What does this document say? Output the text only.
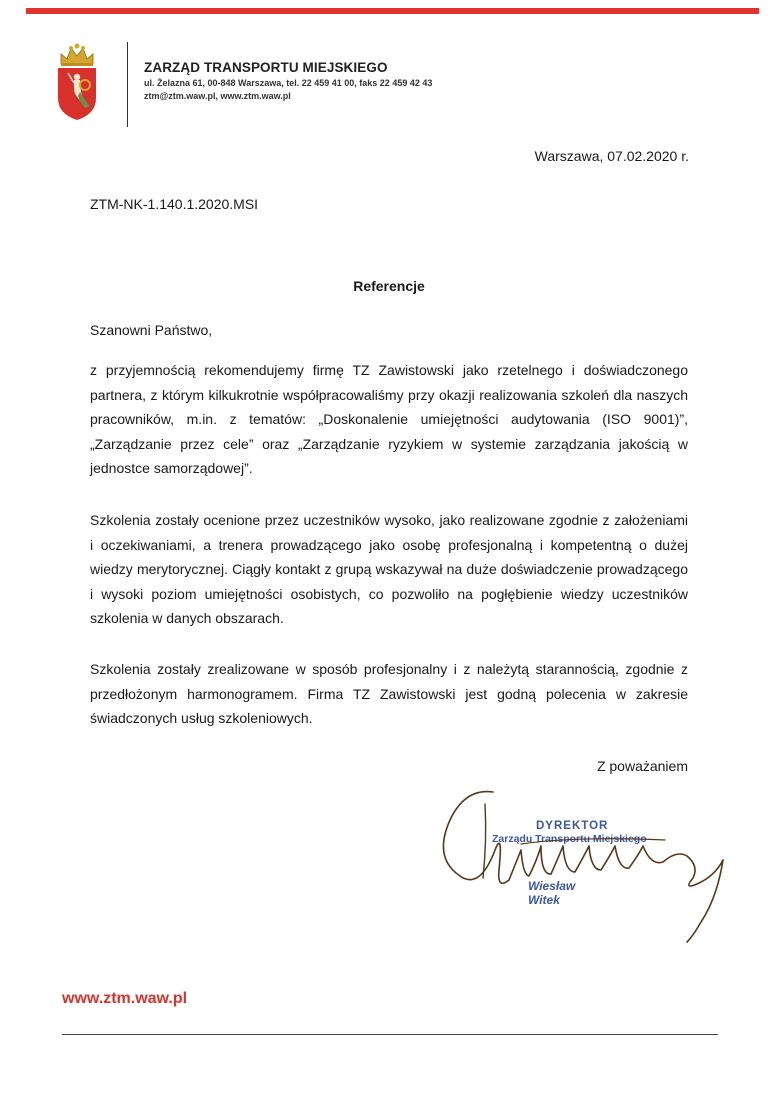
ZARZĄD TRANSPORTU MIEJSKIEGO
ul. Żelazna 61, 00-848 Warszawa, tel. 22 459 41 00, faks 22 459 42 43
ztm@ztm.waw.pl, www.ztm.waw.pl
Warszawa, 07.02.2020 r.
ZTM-NK-1.140.1.2020.MSI
Referencje
Szanowni Państwo,
z przyjemnością rekomendujemy firmę TZ Zawistowski jako rzetelnego i doświadczonego partnera, z którym kilkukrotnie współpracowaliśmy przy okazji realizowania szkoleń dla naszych pracowników, m.in. z tematów: „Doskonalenie umiejętności audytowania (ISO 9001)”, „Zarządzanie przez cele” oraz „Zarządzanie ryzykiem w systemie zarządzania jakością w jednostce samorządowej”.
Szkolenia zostały ocenione przez uczestników wysoko, jako realizowane zgodnie z założeniami i oczekiwaniami, a trenera prowadzącego jako osobę profesjonalną i kompetentną o dużej wiedzy merytorycznej. Ciągły kontakt z grupą wskazywał na duże doświadczenie prowadzącego i wysoki poziom umiejętności osobistych, co pozwoliło na pogłębienie wiedzy uczestników szkolenia w danych obszarach.
Szkolenia zostały zrealizowane w sposób profesjonalny i z należytą starannością, zgodnie z przedłożonym harmonogramem. Firma TZ Zawistowski jest godną polecenia w zakresie świadczonych usług szkoleniowych.
Z poważaniem
DYREKTOR
Zarządu Transportu Miejskiego
Wiesław Witek
www.ztm.waw.pl
